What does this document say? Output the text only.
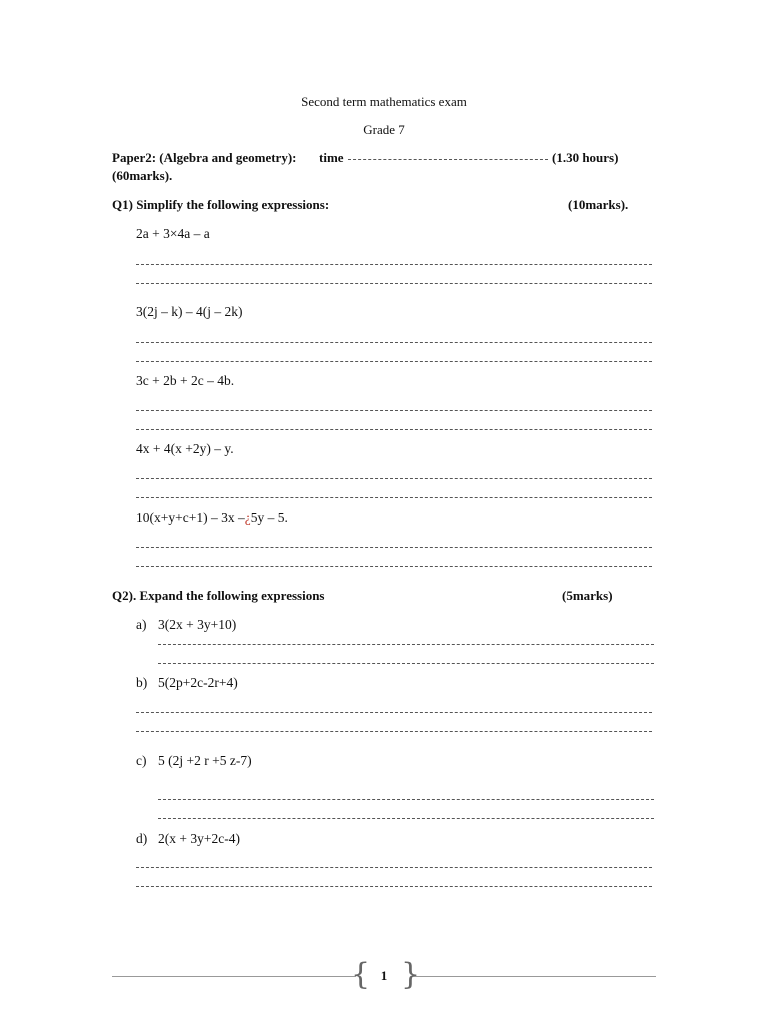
Second term mathematics exam
Grade 7
Paper2: (Algebra and geometry): time	(1.30 hours)
(60marks).
Q1) Simplify the following expressions:	(10marks).
2a + 3×4a – a
3(2j – k) – 4(j – 2k)
3c + 2b + 2c – 4b.
4x + 4(x +2y) – y.
10(x+y+c+1) – 3x –¿5y – 5.
Q2). Expand the following expressions	(5marks)
a) 3(2x + 3y+10)
b) 5(2p+2c-2r+4)
c) 5 (2j +2 r +5 z-7)
d) 2(x + 3y+2c-4)
{ }
1
